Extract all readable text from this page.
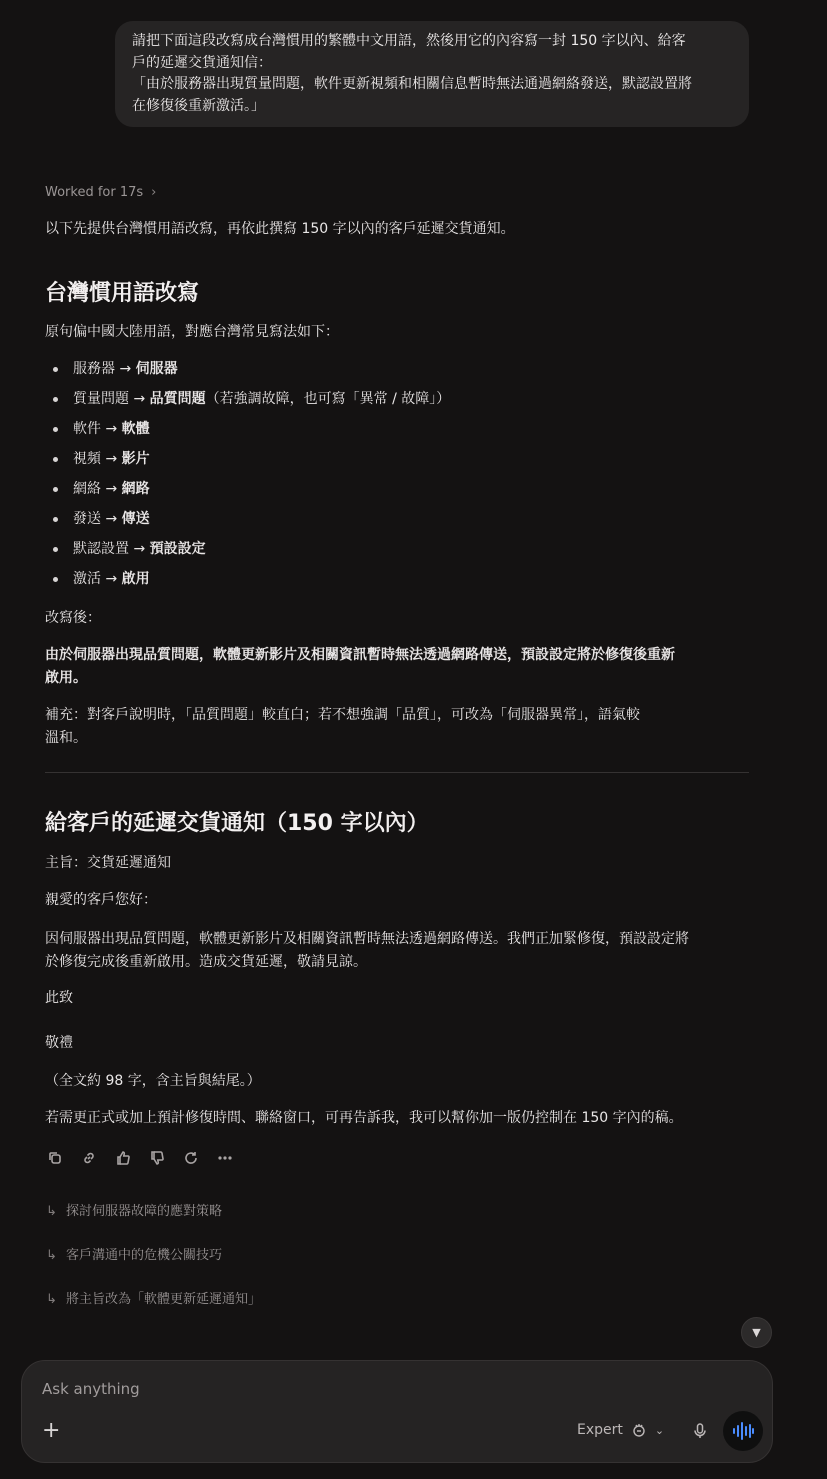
請把下面這段改寫成台灣慣用的繁體中文用語，然後用它的內容寫一封 150 字以內、給客

戶的延遲交貨通知信：

「由於服務器出現質量問題，軟件更新視頻和相關信息暫時無法通過網絡發送，默認設置將

在修復後重新激活。」

Worked for 17s ›

以下先提供台灣慣用語改寫，再依此撰寫 150 字以內的客戶延遲交貨通知。

台灣慣用語改寫

原句偏中國大陸用語，對應台灣常見寫法如下：

服務器 → 伺服器
質量問題 → 品質問題（若強調故障，也可寫「異常 / 故障」）
軟件 → 軟體
視頻 → 影片
網絡 → 網路
發送 → 傳送
默認設置 → 預設設定
激活 → 啟用

改寫後：

由於伺服器出現品質問題，軟體更新影片及相關資訊暫時無法透過網路傳送，預設設定將於修復後重新

啟用。

補充：對客戶說明時，「品質問題」較直白；若不想強調「品質」，可改為「伺服器異常」，語氣較

溫和。

給客戶的延遲交貨通知（150 字以內）

主旨：交貨延遲通知

親愛的客戶您好：

因伺服器出現品質問題，軟體更新影片及相關資訊暫時無法透過網路傳送。我們正加緊修復，預設設定將

於修復完成後重新啟用。造成交貨延遲，敬請見諒。

此致

敬禮

（全文約 98 字，含主旨與結尾。）

若需更正式或加上預計修復時間、聯絡窗口，可再告訴我，我可以幫你加一版仍控制在 150 字內的稿。

↳ 探討伺服器故障的應對策略
↳ 客戶溝通中的危機公關技巧
↳ 將主旨改為「軟體更新延遲通知」
▼
Ask anything
+	Expert	⌄
